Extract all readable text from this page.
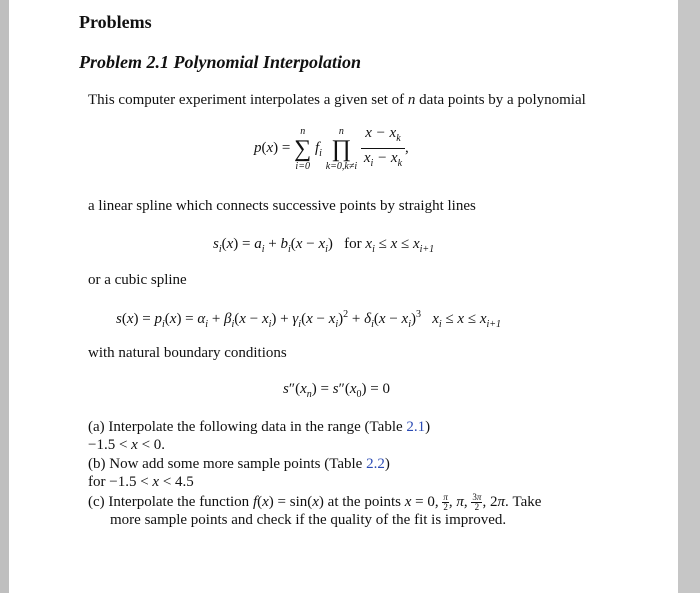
Problems
Problem 2.1 Polynomial Interpolation
This computer experiment interpolates a given set of n data points by a polynomial
p(x) =
n
∑
i=0
$f_i$
n
∏
k=0,k≠i
$\frac{x - x_k}{x_i - x_k}$ ,
a linear spline which connects successive points by straight lines
$s_i(x) = a_i + b_i(x - x_i)$   for $x_i \le x \le x_{i+1}$
or a cubic spline
$s(x) = p_i(x) = \alpha_i + \beta_i(x - x_i) + \gamma_i(x - x_i)^2 + \delta_i(x - x_i)^3$ $x_i \le x \le x_{i+1}$
with natural boundary conditions
$s''(x_n) = s''(x_0) = 0$
(a) Interpolate the following data in the range (Table 2.1)
−1.5 < x < 0.
(b) Now add some more sample points (Table 2.2)
for −1.5 < x < 4.5
(c) Interpolate the function f(x) = sin(x) at the points x = 0, $\frac{\pi}{2}$ , π, $\frac{3\pi}{2}$ , 2π. Take
more sample points and check if the quality of the fit is improved.
